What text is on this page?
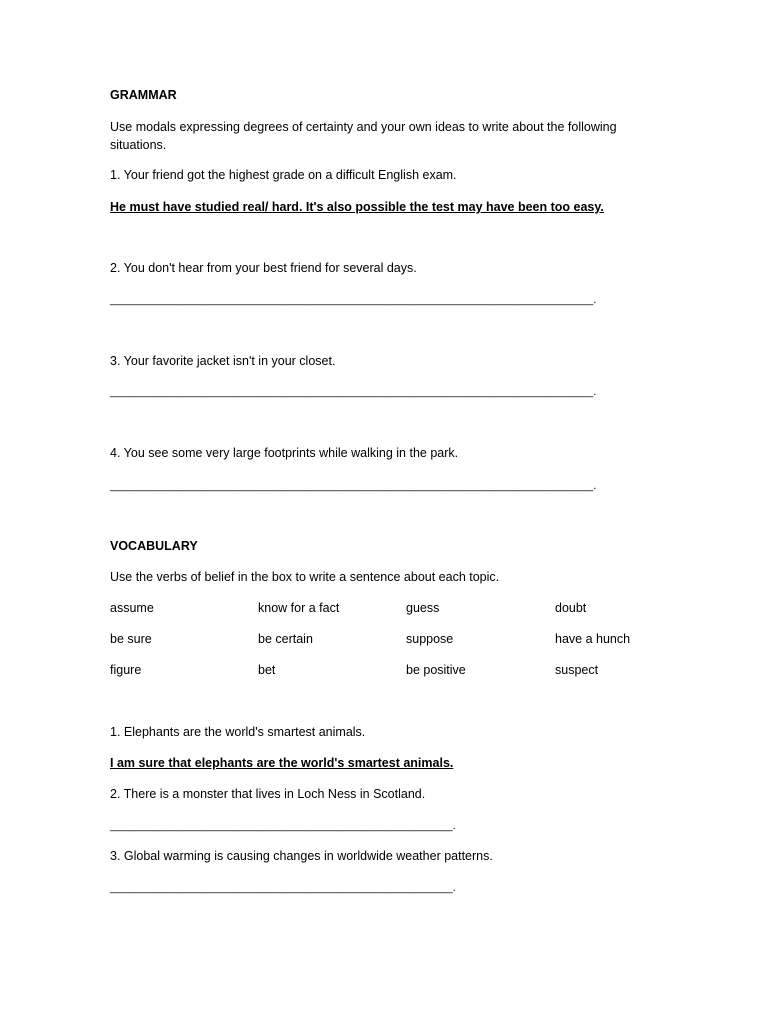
GRAMMAR
Use modals expressing degrees of certainty and your own ideas to write about the following situations.
1. Your friend got the highest grade on a difficult English exam.
He must have studied real/ hard. It's also possible the test may have been too easy.
2. You don't hear from your best friend for several days.
_______________________________________________________________________________.
3. Your favorite jacket isn't in your closet.
_______________________________________________________________________________.
4. You see some very large footprints while walking in the park.
_______________________________________________________________________________.
VOCABULARY
Use the verbs of belief in the box to write a sentence about each topic.
assume	know for a fact	guess	doubt
be sure	be certain	suppose	have a hunch
figure	bet	be positive	suspect
1. Elephants are the world's smartest animals.
I am sure that elephants are the world's smartest animals.
2. There is a monster that lives in Loch Ness in Scotland.
________________________________________________________.
3. Global warming is causing changes in worldwide weather patterns.
________________________________________________________.
